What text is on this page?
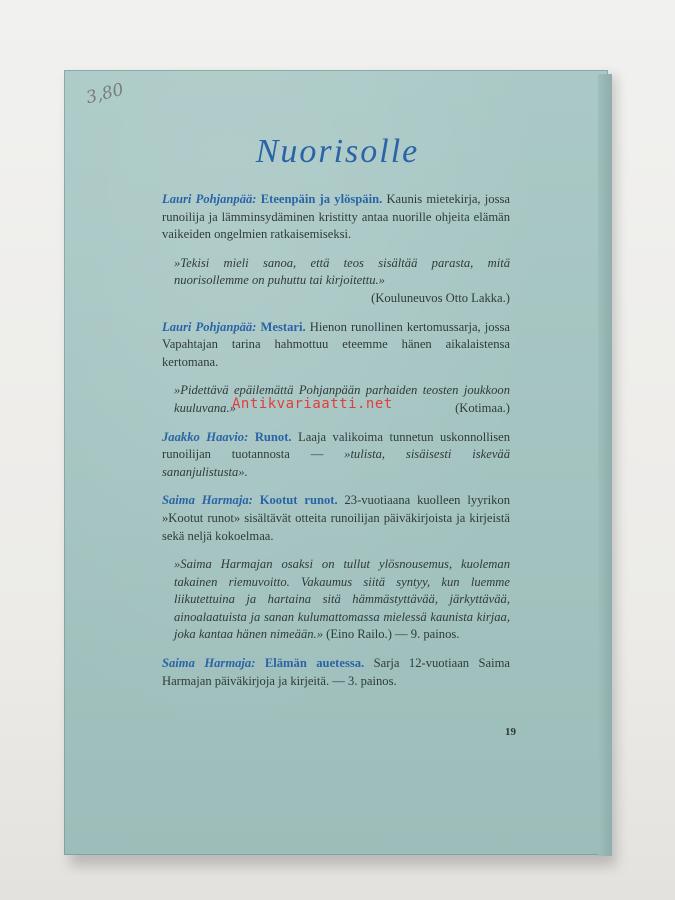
3,80
Nuorisolle

Lauri Pohjanpää: Eteenpäin ja ylöspäin. Kaunis mietekirja, jossa runoilija ja lämminsydäminen kristitty antaa nuorille ohjeita elämän vaikeiden ongelmien ratkaisemiseksi.

»Tekisi mieli sanoa, että teos sisältää parasta, mitä nuorisollemme on puhuttu tai kirjoitettu.»
(Kouluneuvos Otto Lakka.)

Lauri Pohjanpää: Mestari. Hienon runollinen kertomussarja, jossa Vapahtajan tarina hahmottuu eteemme hänen aikalaistensa kertomana.

»Pidettävä epäilemättä Pohjanpään parhaiden teosten joukkoon kuuluvana.»	(Kotimaa.)

Jaakko Haavio: Runot. Laaja valikoima tunnetun uskonnollisen runoilijan tuotannosta — »tulista, sisäisesti iskevää sananjulistusta».

Saima Harmaja: Kootut runot. 23-vuotiaana kuolleen lyyrikon »Kootut runot» sisältävät otteita runoilijan päiväkirjoista ja kirjeistä sekä neljä kokoelmaa.

»Saima Harmajan osaksi on tullut ylösnousemus, kuoleman takainen riemuvoitto. Vakaumus siitä syntyy, kun luemme liikutettuina ja hartaina sitä hämmästyttävää, järkyttävää, ainoalaatuista ja sanan kulumattomassa mielessä kaunista kirjaa, joka kantaa hänen nimeään.» (Eino Railo.) — 9. painos.

Saima Harmaja: Elämän auetessa. Sarja 12-vuotiaan Saima Harmajan päiväkirjoja ja kirjeitä. — 3. painos.

19
Antikvariaatti.net
